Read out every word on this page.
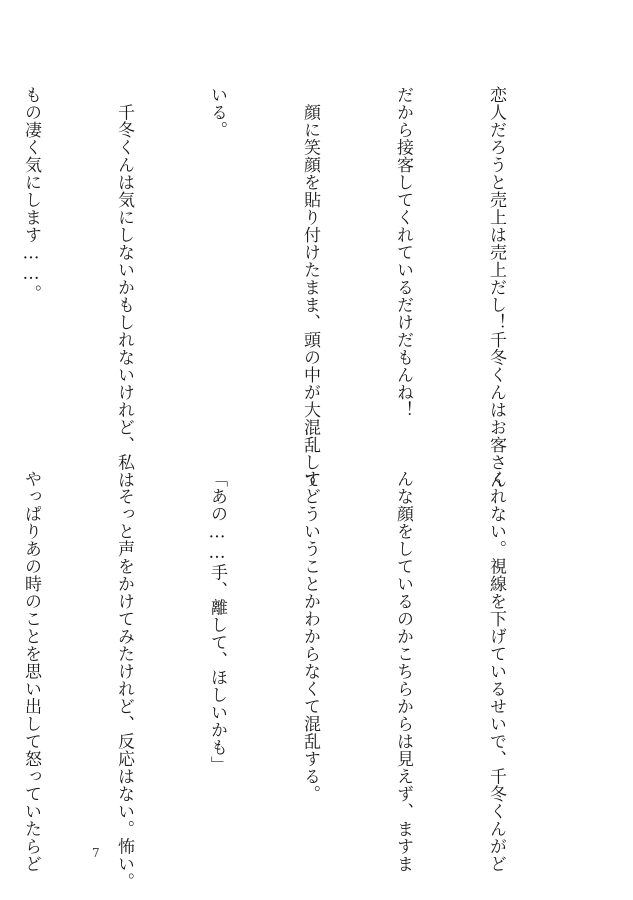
恋人だろうと売上は売上だし！千冬くんはお客さん

だから接客してくれているだけだもんね！

　顔に笑顔を貼り付けたまま、頭の中が大混乱して

いる。

　千冬くんは気にしないかもしれないけれど、私は

もの凄く気にします……。

くれない。視線を下げているせいで、千冬くんがど

んな顔をしているのかこちらからは見えず、ますま

すどういうことかわからなくて混乱する。

「あの……手、離して、ほしいかも」

　そっと声をかけてみたけれど、反応はない。怖い。

やっぱりあの時のことを思い出して怒っていたらど

	7
